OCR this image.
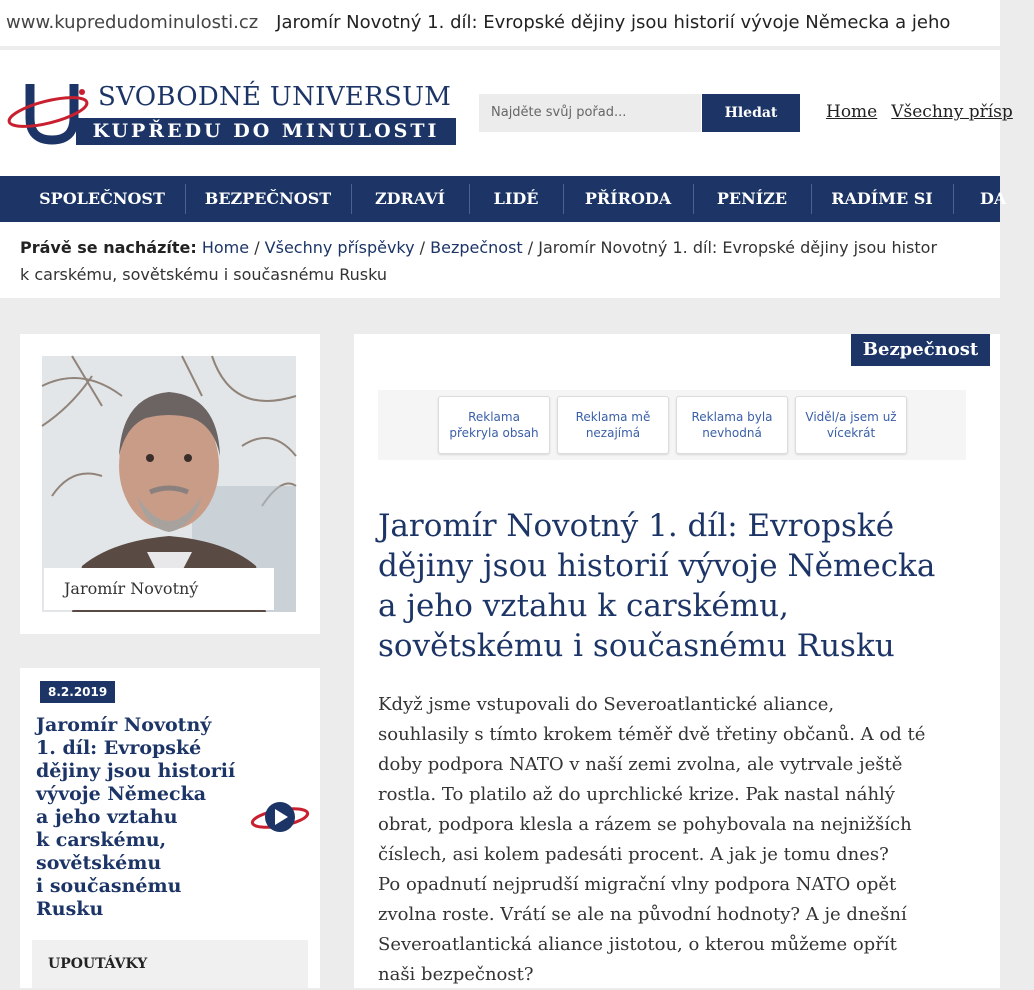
www.kupredudominulosti.cz Jaromír Novotný 1. díl: Evropské dějiny jsou historií vývoje Německa a jeho
SVOBODNÉ UNIVERSUM
KUPŘEDU DO MINULOSTI
Najděte svůj pořad...	Hledat	Home Všechny přísp
SPOLEČNOST	BEZPEČNOST	ZDRAVÍ	LIDÉ	PŘÍRODA	PENÍZE	RADÍME SI	DA
Právě se nacházíte: Home / Všechny příspěvky / Bezpečnost / Jaromír Novotný 1. díl: Evropské dějiny jsou histor
k carskému, sovětskému i současnému Rusku
Jaromír Novotný
8.2.2019
Jaromír Novotný
1. díl: Evropské
dějiny jsou historií
vývoje Německa
a jeho vztahu
k carskému,
sovětskému
i současnému
Rusku
UPOUTÁVKY
Bezpečnost
Reklama
překryla obsah
Reklama mě
nezajímá
Reklama byla
nevhodná
Viděl/a jsem už
vícekrát
Jaromír Novotný 1. díl: Evropské
dějiny jsou historií vývoje Německa
a jeho vztahu k carskému,
sovětskému i současnému Rusku
Když jsme vstupovali do Severoatlantické aliance,
souhlasily s tímto krokem téměř dvě třetiny občanů. A od té
doby podpora NATO v naší zemi zvolna, ale vytrvale ještě
rostla. To platilo až do uprchlické krize. Pak nastal náhlý
obrat, podpora klesla a rázem se pohybovala na nejnižších
číslech, asi kolem padesáti procent. A jak je tomu dnes?
Po opadnutí nejprudší migrační vlny podpora NATO opět
zvolna roste. Vrátí se ale na původní hodnoty? A je dnešní
Severoatlantická aliance jistotou, o kterou můžeme opřít
naši bezpečnost?
